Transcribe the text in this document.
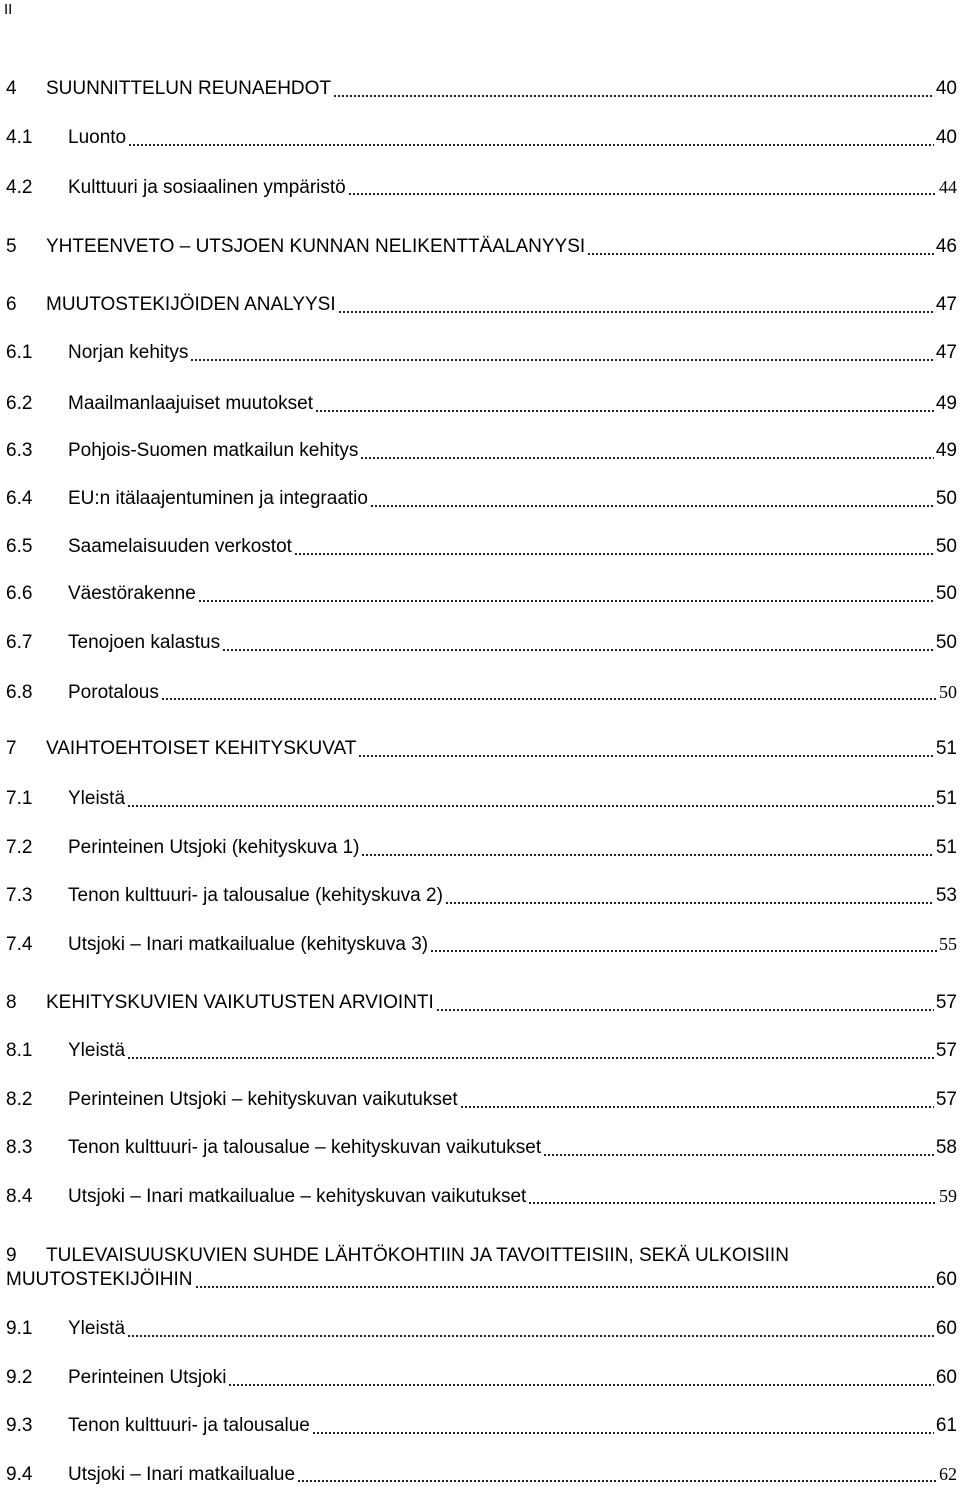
II
4	SUUNNITTELUN REUNAEHDOT	40
4.1	Luonto	40
4.2	Kulttuuri ja sosiaalinen ympäristö	44
5	YHTEENVETO – UTSJOEN KUNNAN NELIKENTTÄALANYYSI	46
6	MUUTOSTEKIJÖIDEN ANALYYSI	47
6.1	Norjan kehitys	47
6.2	Maailmanlaajuiset muutokset	49
6.3	Pohjois-Suomen matkailun kehitys	49
6.4	EU:n itälaajentuminen ja integraatio	50
6.5	Saamelaisuuden verkostot	50
6.6	Väestörakenne	50
6.7	Tenojoen kalastus	50
6.8	Porotalous	50
7	VAIHTOEHTOISET KEHITYSKUVAT	51
7.1	Yleistä	51
7.2	Perinteinen Utsjoki (kehityskuva 1)	51
7.3	Tenon kulttuuri- ja talousalue (kehityskuva 2)	53
7.4	Utsjoki – Inari matkailualue (kehityskuva 3)	55
8	KEHITYSKUVIEN VAIKUTUSTEN ARVIOINTI	57
8.1	Yleistä	57
8.2	Perinteinen Utsjoki – kehityskuvan vaikutukset	57
8.3	Tenon kulttuuri- ja talousalue – kehityskuvan vaikutukset	58
8.4	Utsjoki – Inari matkailualue – kehityskuvan vaikutukset	59
9	TULEVAISUUSKUVIEN SUHDE LÄHTÖKOHTIIN JA TAVOITTEISIIN, SEKÄ ULKOISIIN
MUUTOSTEKIJÖIHIN	60
9.1	Yleistä	60
9.2	Perinteinen Utsjoki	60
9.3	Tenon kulttuuri- ja talousalue	61
9.4	Utsjoki – Inari matkailualue	62
